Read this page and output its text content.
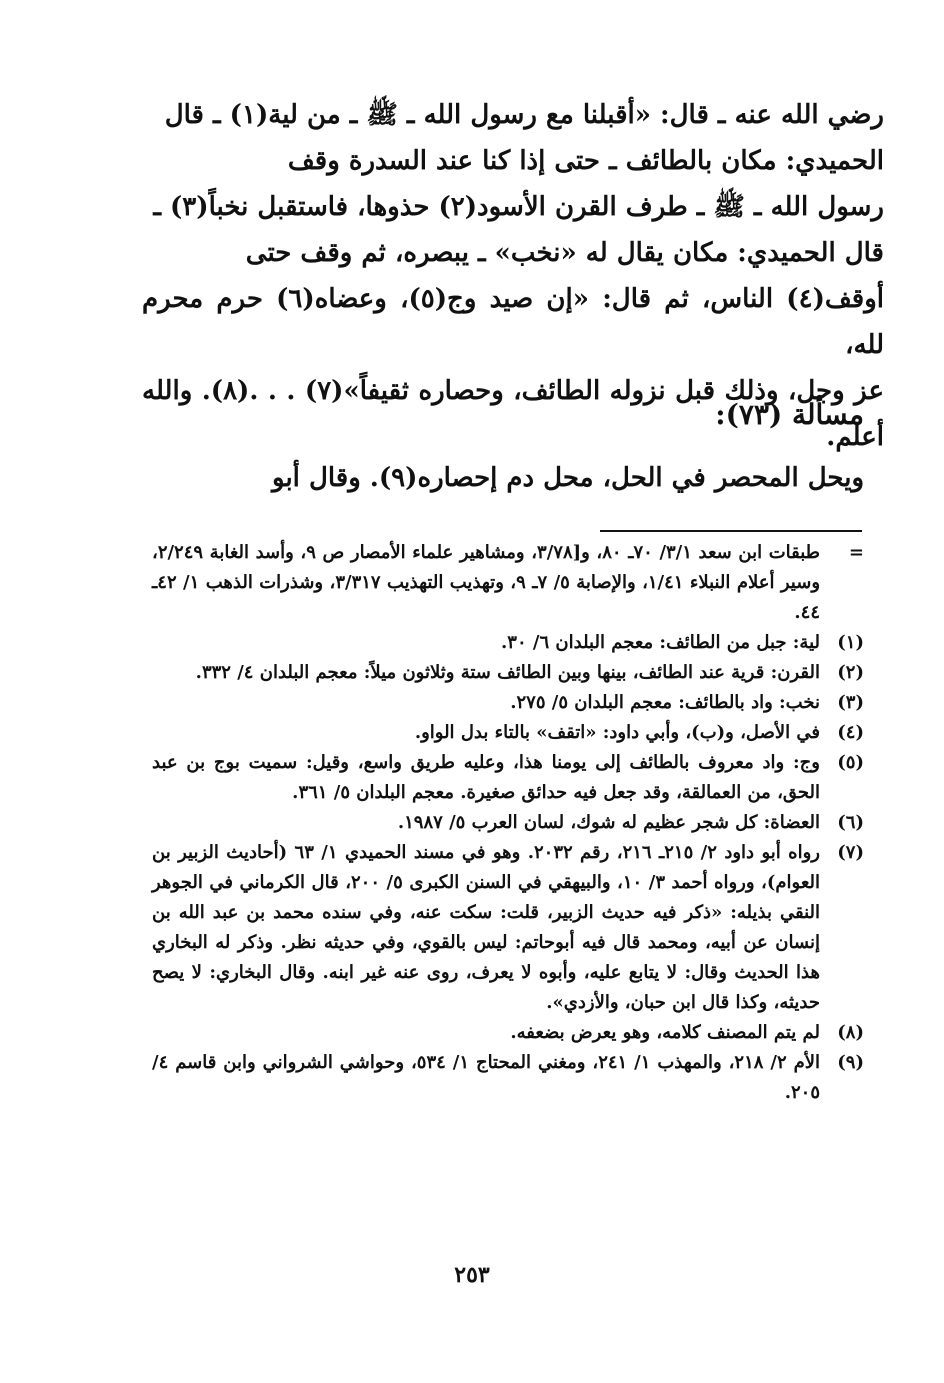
رضي الله عنه ـ قال: «أقبلنا مع رسول الله ـ ﷺ ـ من لية(١) ـ قال

الحميدي: مكان بالطائف ـ حتى إذا كنا عند السدرة وقف

رسول الله ـ ﷺ ـ طرف القرن الأسود(٢) حذوها، فاستقبل نخباً(٣) ـ

قال الحميدي: مكان يقال له «نخب» ـ يبصره، ثم وقف حتى

أوقف(٤) الناس، ثم قال: «إن صيد وج(٥)، وعضاه(٦) حرم محرم لله،

عز وجل، وذلك قبل نزوله الطائف، وحصاره ثقيفاً»(٧) . . .(٨). والله أعلم.

مسألة (٧٣):

ويحل المحصر في الحل، محل دم إحصاره(٩). وقال أبو

=
طبقات ابن سعد ٣/١/ ٧٠ـ ٨٠، و[٣/٧٨، ومشاهير علماء الأمصار ص ٩، وأسد الغابة ٢/٢٤٩، وسير أعلام النبلاء ١/٤١، والإصابة ٥/ ٧ـ ٩، وتهذيب التهذيب ٣/٣١٧، وشذرات الذهب ١/ ٤٢ـ ٤٤.
(١)
لية: جبل من الطائف: معجم البلدان ٦/ ٣٠.
(٢)
القرن: قرية عند الطائف، بينها وبين الطائف ستة وثلاثون ميلاً: معجم البلدان ٤/ ٣٣٢.
(٣)
نخب: واد بالطائف: معجم البلدان ٥/ ٢٧٥.
(٤)
في الأصل، و(ب)، وأبي داود: «اتقف» بالتاء بدل الواو.
(٥)
وج: واد معروف بالطائف إلى يومنا هذا، وعليه طريق واسع، وقيل: سميت بوج بن عبد الحق، من العمالقة، وقد جعل فيه حدائق صغيرة. معجم البلدان ٥/ ٣٦١.
(٦)
العضاة: كل شجر عظيم له شوك، لسان العرب ٥/ ١٩٨٧.
(٧)
رواه أبو داود ٢/ ٢١٥ـ ٢١٦، رقم ٢٠٣٢. وهو في مسند الحميدي ١/ ٦٣ (أحاديث الزبير بن العوام)، ورواه أحمد ٣/ ١٠، والبيهقي في السنن الكبرى ٥/ ٢٠٠، قال الكرماني في الجوهر النقي بذيله: «ذكر فيه حديث الزبير، قلت: سكت عنه، وفي سنده محمد بن عبد الله بن إنسان عن أبيه، ومحمد قال فيه أبوحاتم: ليس بالقوي، وفي حديثه نظر. وذكر له البخاري هذا الحديث وقال: لا يتابع عليه، وأبوه لا يعرف، روى عنه غير ابنه. وقال البخاري: لا يصح حديثه، وكذا قال ابن حبان، والأزدي».
(٨)
لم يتم المصنف كلامه، وهو يعرض بضعفه.
(٩)
الأم ٢/ ٢١٨، والمهذب ١/ ٢٤١، ومغني المحتاج ١/ ٥٣٤، وحواشي الشرواني وابن قاسم ٤/ ٢٠٥.
٢٥٣
